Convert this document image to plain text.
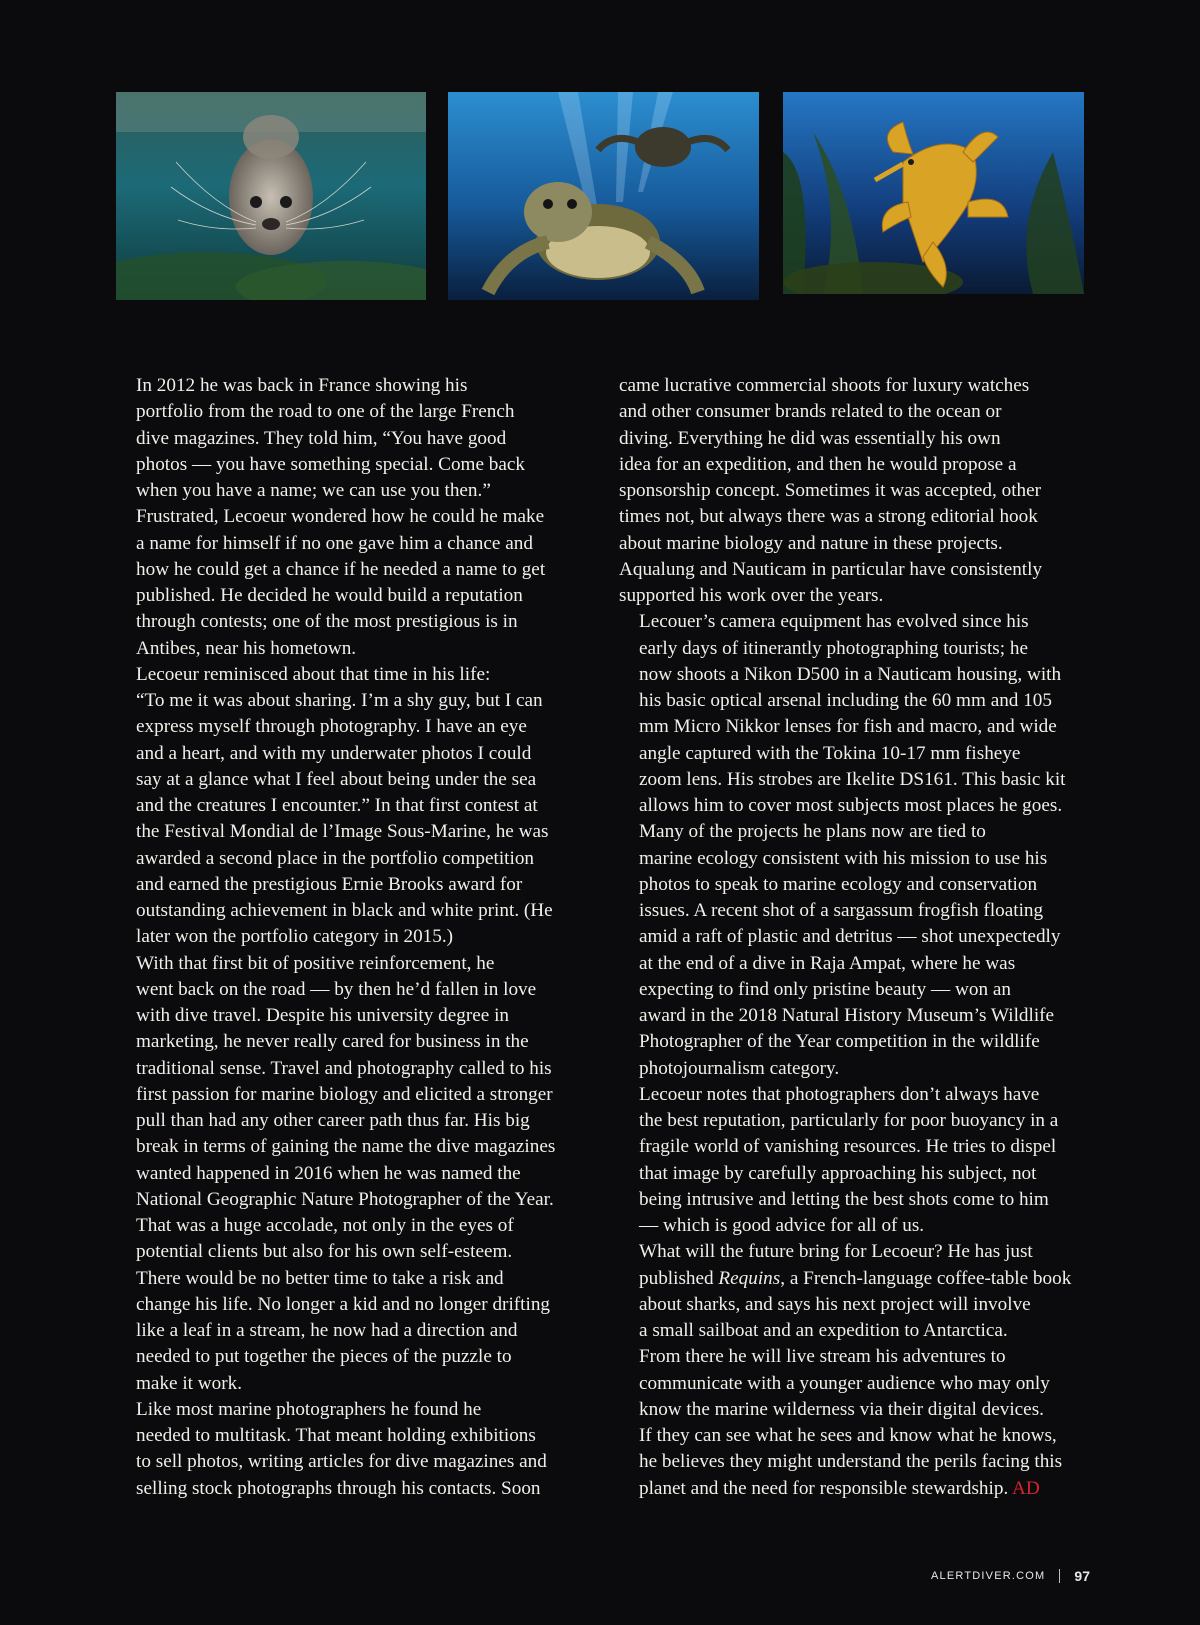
In 2012 he was back in France showing his
portfolio from the road to one of the large French
dive magazines. They told him, “You have good
photos — you have something special. Come back
when you have a name; we can use you then.”
Frustrated, Lecoeur wondered how he could he make
a name for himself if no one gave him a chance and
how he could get a chance if he needed a name to get
published. He decided he would build a reputation
through contests; one of the most prestigious is in
Antibes, near his hometown.

Lecoeur reminisced about that time in his life:
“To me it was about sharing. I’m a shy guy, but I can
express myself through photography. I have an eye
and a heart, and with my underwater photos I could
say at a glance what I feel about being under the sea
and the creatures I encounter.” In that first contest at
the Festival Mondial de l’Image Sous-Marine, he was
awarded a second place in the portfolio competition
and earned the prestigious Ernie Brooks award for
outstanding achievement in black and white print. (He
later won the portfolio category in 2015.)

With that first bit of positive reinforcement, he
went back on the road — by then he’d fallen in love
with dive travel. Despite his university degree in
marketing, he never really cared for business in the
traditional sense. Travel and photography called to his
first passion for marine biology and elicited a stronger
pull than had any other career path thus far. His big
break in terms of gaining the name the dive magazines
wanted happened in 2016 when he was named the
National Geographic Nature Photographer of the Year.

That was a huge accolade, not only in the eyes of
potential clients but also for his own self-esteem.
There would be no better time to take a risk and
change his life. No longer a kid and no longer drifting
like a leaf in a stream, he now had a direction and
needed to put together the pieces of the puzzle to
make it work.

Like most marine photographers he found he
needed to multitask. That meant holding exhibitions
to sell photos, writing articles for dive magazines and
selling stock photographs through his contacts. Soon

came lucrative commercial shoots for luxury watches
and other consumer brands related to the ocean or
diving. Everything he did was essentially his own
idea for an expedition, and then he would propose a
sponsorship concept. Sometimes it was accepted, other
times not, but always there was a strong editorial hook
about marine biology and nature in these projects.
Aqualung and Nauticam in particular have consistently
supported his work over the years.

Lecouer’s camera equipment has evolved since his
early days of itinerantly photographing tourists; he
now shoots a Nikon D500 in a Nauticam housing, with
his basic optical arsenal including the 60 mm and 105
mm Micro Nikkor lenses for fish and macro, and wide
angle captured with the Tokina 10-17 mm fisheye
zoom lens. His strobes are Ikelite DS161. This basic kit
allows him to cover most subjects most places he goes.

Many of the projects he plans now are tied to
marine ecology consistent with his mission to use his
photos to speak to marine ecology and conservation
issues. A recent shot of a sargassum frogfish floating
amid a raft of plastic and detritus — shot unexpectedly
at the end of a dive in Raja Ampat, where he was
expecting to find only pristine beauty — won an
award in the 2018 Natural History Museum’s Wildlife
Photographer of the Year competition in the wildlife
photojournalism category.

Lecoeur notes that photographers don’t always have
the best reputation, particularly for poor buoyancy in a
fragile world of vanishing resources. He tries to dispel
that image by carefully approaching his subject, not
being intrusive and letting the best shots come to him
— which is good advice for all of us.

What will the future bring for Lecoeur? He has just
published Requins, a French-language coffee-table book
about sharks, and says his next project will involve
a small sailboat and an expedition to Antarctica.
From there he will live stream his adventures to
communicate with a younger audience who may only
know the marine wilderness via their digital devices.
If they can see what he sees and know what he knows,
he believes they might understand the perils facing this
planet and the need for responsible stewardship. AD

ALERTDIVER.COM 97
